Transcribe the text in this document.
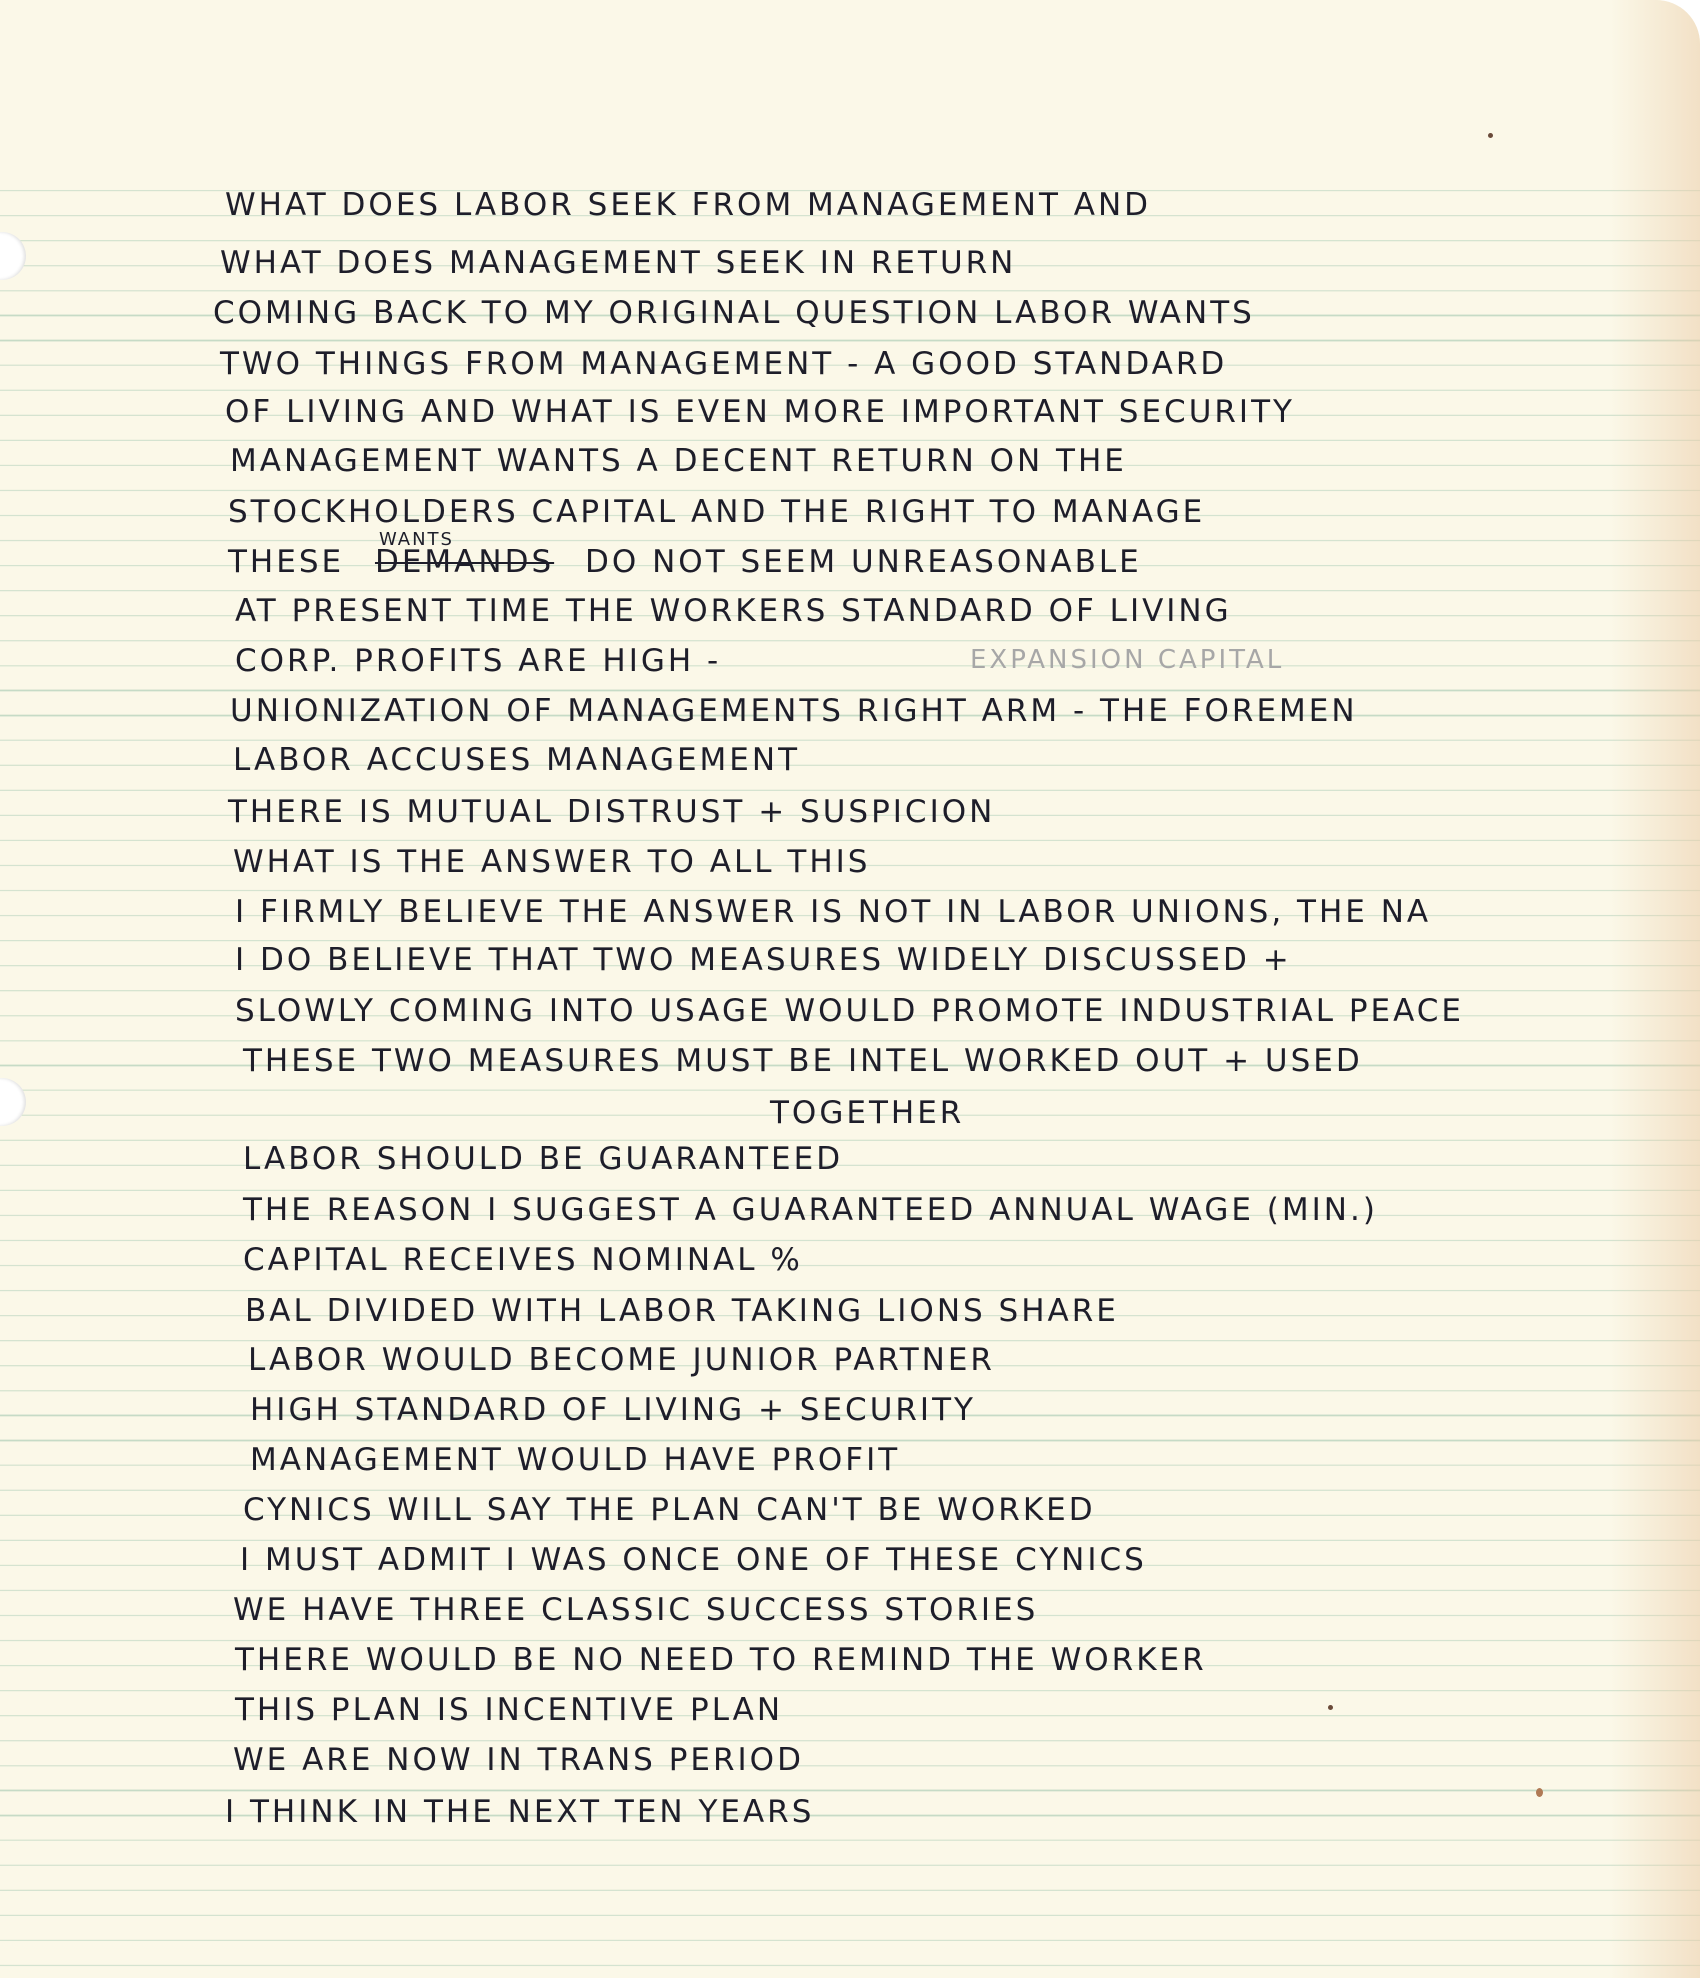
WHAT DOES LABOR SEEK FROM MANAGEMENT AND
WHAT DOES MANAGEMENT SEEK IN RETURN
COMING BACK TO MY ORIGINAL QUESTION LABOR WANTS
TWO THINGS FROM MANAGEMENT - A GOOD STANDARD
OF LIVING AND WHAT IS EVEN MORE IMPORTANT SECURITY
MANAGEMENT WANTS A DECENT RETURN ON THE
STOCKHOLDERS CAPITAL AND THE RIGHT TO MANAGE
THESE
WANTS
DEMANDS DO NOT SEEM UNREASONABLE
AT PRESENT TIME THE WORKERS STANDARD OF LIVING
CORP. PROFITS ARE HIGH -	EXPANSION CAPITAL
UNIONIZATION OF MANAGEMENTS RIGHT ARM - THE FOREMEN
LABOR ACCUSES MANAGEMENT
THERE IS MUTUAL DISTRUST + SUSPICION
WHAT IS THE ANSWER TO ALL THIS
I FIRMLY BELIEVE THE ANSWER IS NOT IN LABOR UNIONS, THE NA
I DO BELIEVE THAT TWO MEASURES WIDELY DISCUSSED +
SLOWLY COMING INTO USAGE WOULD PROMOTE INDUSTRIAL PEACE
THESE TWO MEASURES MUST BE INTEL WORKED OUT + USED
TOGETHER
LABOR SHOULD BE GUARANTEED
THE REASON I SUGGEST A GUARANTEED ANNUAL WAGE (MIN.)
CAPITAL RECEIVES NOMINAL %
BAL DIVIDED WITH LABOR TAKING LIONS SHARE
LABOR WOULD BECOME JUNIOR PARTNER
HIGH STANDARD OF LIVING + SECURITY
MANAGEMENT WOULD HAVE PROFIT
CYNICS WILL SAY THE PLAN CAN'T BE WORKED
I MUST ADMIT I WAS ONCE ONE OF THESE CYNICS
WE HAVE THREE CLASSIC SUCCESS STORIES
THERE WOULD BE NO NEED TO REMIND THE WORKER
THIS PLAN IS INCENTIVE PLAN
WE ARE NOW IN TRANS PERIOD
I THINK IN THE NEXT TEN YEARS
